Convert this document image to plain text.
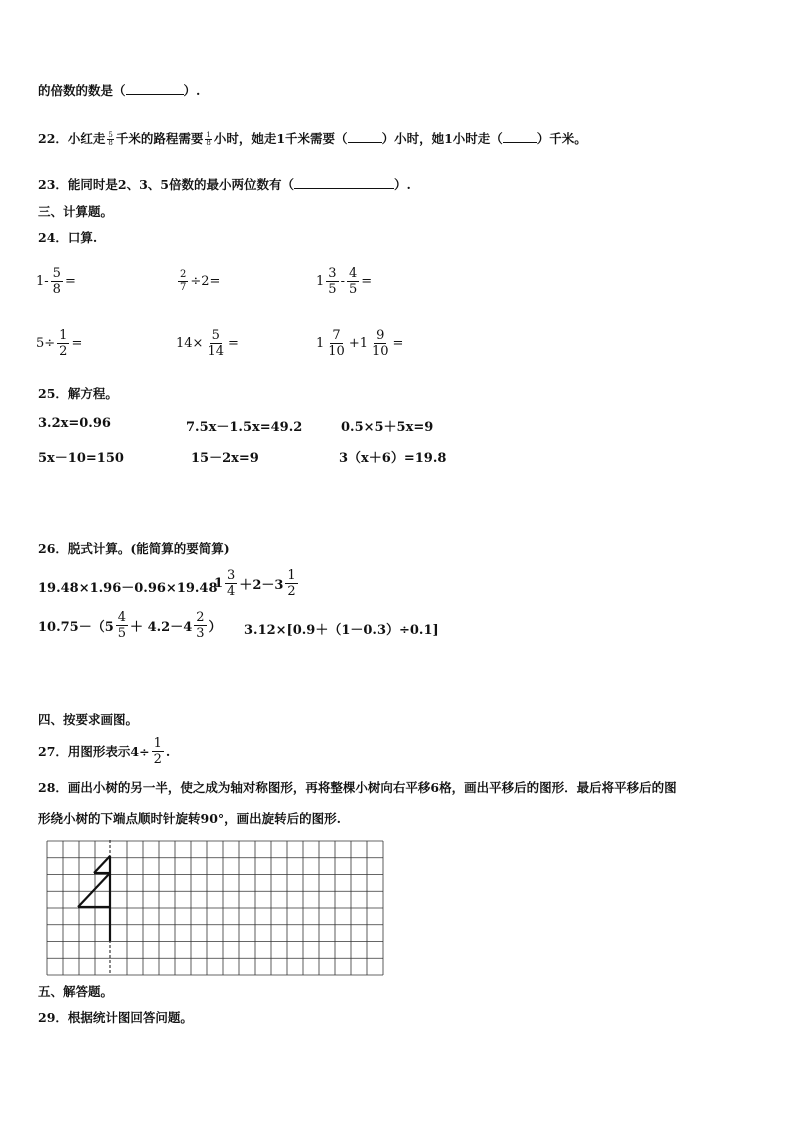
的倍数的数是（	）.
22．小红走 $\frac{5}{8}$ 千米的路程需要 $\frac{1}{8}$ 小时，她走1千米需要（	）小时，她1小时走（	）千米。
23．能同时是2、3、5倍数的最小两位数有（	）.
三、计算题。
24．口算.
$1- \frac{5}{8}$ =	$\frac{2}{7} \div 2=$	$1 \frac{3}{5} - \frac{4}{5}$ =
$5\div \frac{1}{2}$ =	$14\times \frac{5}{14}$ =	$1 \frac{7}{10} +1 \frac{9}{10}$ =
25．解方程。
3.2x=0.96	7.5x－1.5x=49.2	0.5×5＋5x=9
5x－10=150	15－2x=9	3（x＋6）=19.8
26．脱式计算。(能简算的要简算)
19.48×1.96－0.96×19.48
$1 \frac{3}{4} +2-3 \frac{1}{2}$
$10.75-(5 \frac{4}{5} + 4.2-4 \frac{2}{3}$ ） 3.12×[0.9＋（1－0.3）÷0.1]
四、按要求画图。
27．用图形表示$4\div \frac{1}{2}$ .
28．画出小树的另一半，使之成为轴对称图形，再将整棵小树向右平移6格，画出平移后的图形．最后将平移后的图
形绕小树的下端点顺时针旋转90°，画出旋转后的图形.
五、解答题。
29．根据统计图回答问题。
